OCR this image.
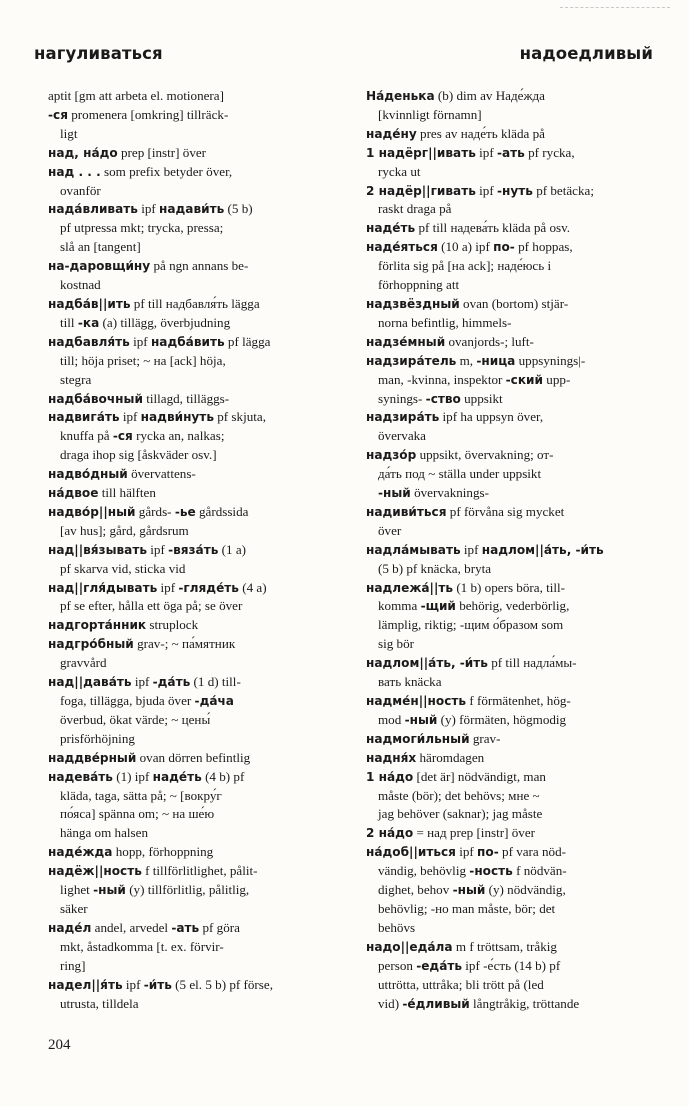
нагуливаться	надоедливый

aptit [gm att arbeta el. motionera]

-ся promenera [omkring] tillräck-

ligt

над, на́до prep [instr] över

над . . . som prefix betyder över,

ovanför

нада́вливать ipf надави́ть (5 b)

pf utpressa mkt; trycka, pressa;

slå an [tangent]

на-даровщи́ну på ngn annans be-

kostnad

надба́в||ить pf till надбавля́ть lägga

till -ка (a) tillägg, överbjudning

надбавля́ть ipf надба́вить pf lägga

till; höja priset; ~ на [ack] höja,

stegra

надба́вочный tillagd, tilläggs-

надвига́ть ipf надви́нуть pf skjuta,

knuffa på -ся rycka an, nalkas;

draga ihop sig [åskväder osv.]

надво́дный övervattens-

на́двое till hälften

надво́р||ный gårds- -ье gårdssida

[av hus]; gård, gårdsrum

над||вя́зывать ipf -вяза́ть (1 a)

pf skarva vid, sticka vid

над||гля́дывать ipf -гляде́ть (4 a)

pf se efter, hålla ett öga på; se över

надгорта́нник struplock

надгро́бный grav-; ~ па́мятник

gravvård

над||дава́ть ipf -да́ть (1 d) till-

foga, tillägga, bjuda över -да́ча

överbud, ökat värde; ~ цены́

prisförhöjning

наддве́рный ovan dörren befintlig

надева́ть (1) ipf наде́ть (4 b) pf

kläda, taga, sätta på; ~ [вокру́г

по́яса] spänna om; ~ на ше́ю

hänga om halsen

наде́жда hopp, förhoppning

надёж||ность f tillförlitlighet, pålit-

lighet -ный (y) tillförlitlig, pålitlig,

säker

наде́л andel, arvedel -ать pf göra

mkt, åstadkomma [t. ex. förvir-

ring]

надел||я́ть ipf -и́ть (5 el. 5 b) pf förse,

utrusta, tilldela

На́денька (b) dim av Наде́жда

[kvinnligt förnamn]

наде́ну pres av наде́ть kläda på

1 надёрг||ивать ipf -ать pf rycka,

rycka ut

2 надёр||гивать ipf -нуть pf betäcka;

raskt draga på

наде́ть pf till надева́ть kläda på osv.

наде́яться (10 a) ipf по- pf hoppas,

förlita sig på [на ack]; наде́юсь i

förhoppning att

надзвёздный ovan (bortom) stjär-

norna befintlig, himmels-

надзе́мный ovanjords-; luft-

надзира́тель m, -ница uppsynings|-

man, -kvinna, inspektor -ский upp-

synings- -ство uppsikt

надзира́ть ipf ha uppsyn över,

övervaka

надзо́р uppsikt, övervakning; от-

да́ть под ~ ställa under uppsikt

-ный övervaknings-

надиви́ться pf förvåna sig mycket

över

надла́мывать ipf надлом||а́ть, -и́ть

(5 b) pf knäcka, bryta

надлежа́||ть (1 b) opers böra, till-

komma -щий behörig, vederbörlig,

lämplig, riktig; -щим о́бразом som

sig bör

надлом||а́ть, -и́ть pf till надла́мы-

вать knäcka

надме́н||ность f förmätenhet, hög-

mod -ный (y) förmäten, högmodig

надмоги́льный grav-

надня́х häromdagen

1 на́до [det är] nödvändigt, man

måste (bör); det behövs; мне ~

jag behöver (saknar); jag måste

2 на́до = над prep [instr] över

на́доб||иться ipf по- pf vara nöd-

vändig, behövlig -ность f nödvän-

dighet, behov -ный (y) nödvändig,

behövlig; -но man måste, bör; det

behövs

надо||еда́ла m f tröttsam, tråkig

person -еда́ть ipf -е́сть (14 b) pf

uttrötta, uttråka; bli trött på (led

vid) -е́дливый långtråkig, tröttande

204
